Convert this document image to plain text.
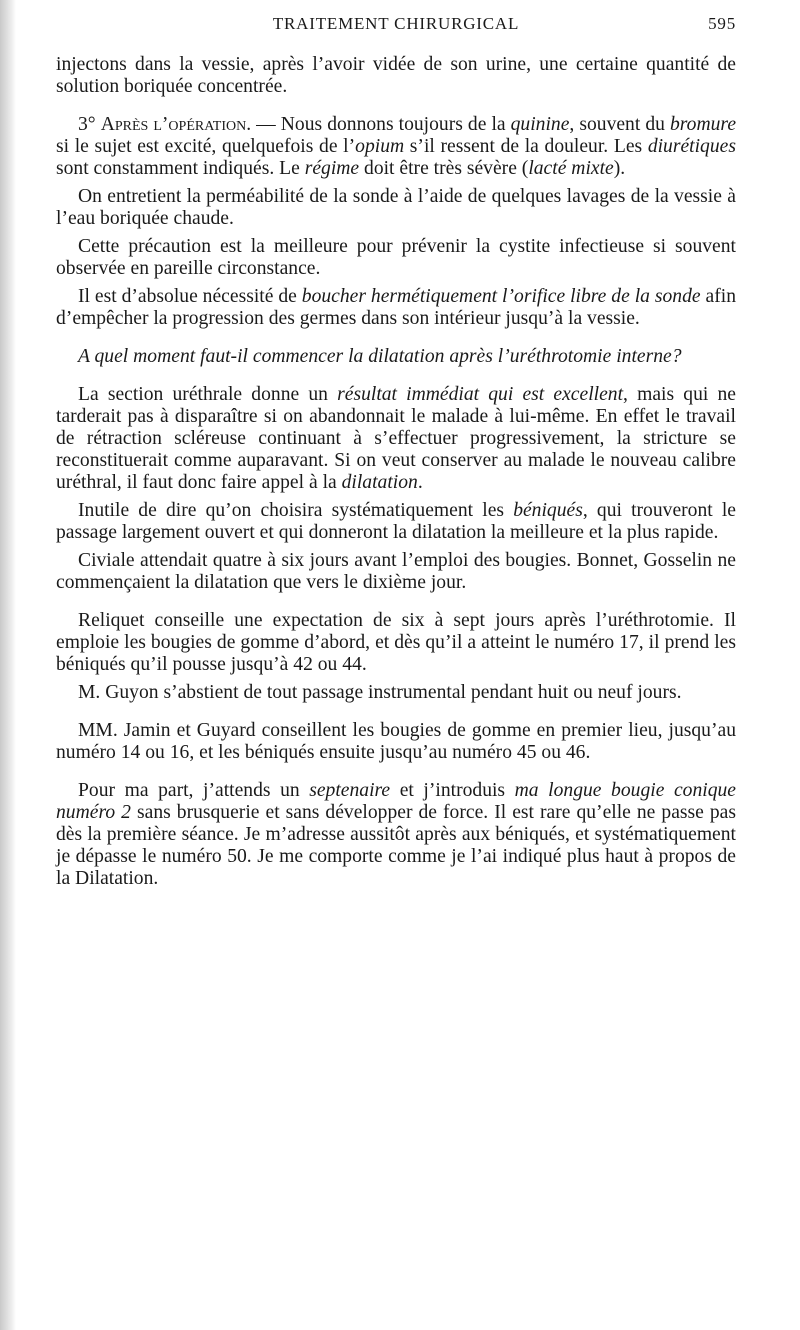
TRAITEMENT CHIRURGICAL	595

injectons dans la vessie, après l’avoir vidée de son urine, une certaine quantité de solution boriquée concentrée.

3° Après l’opération. — Nous donnons toujours de la quinine, souvent du bromure si le sujet est excité, quelquefois de l’opium s’il ressent de la douleur. Les diurétiques sont constamment indiqués. Le régime doit être très sévère (lacté mixte).

On entretient la perméabilité de la sonde à l’aide de quelques lavages de la vessie à l’eau boriquée chaude.

Cette précaution est la meilleure pour prévenir la cystite infectieuse si souvent observée en pareille circonstance.

Il est d’absolue nécessité de boucher hermétiquement l’orifice libre de la sonde afin d’empêcher la progression des germes dans son intérieur jusqu’à la vessie.

A quel moment faut-il commencer la dilatation après l’uréthrotomie interne?

La section uréthrale donne un résultat immédiat qui est excellent, mais qui ne tarderait pas à disparaître si on abandonnait le malade à lui-même. En effet le travail de rétraction scléreuse continuant à s’effectuer progressivement, la stricture se reconstituerait comme auparavant. Si on veut conserver au malade le nouveau calibre uréthral, il faut donc faire appel à la dilatation.

Inutile de dire qu’on choisira systématiquement les béniqués, qui trouveront le passage largement ouvert et qui donneront la dilatation la meilleure et la plus rapide.

Civiale attendait quatre à six jours avant l’emploi des bougies. Bonnet, Gosselin ne commençaient la dilatation que vers le dixième jour.

Reliquet conseille une expectation de six à sept jours après l’uréthrotomie. Il emploie les bougies de gomme d’abord, et dès qu’il a atteint le numéro 17, il prend les béniqués qu’il pousse jusqu’à 42 ou 44.

M. Guyon s’abstient de tout passage instrumental pendant huit ou neuf jours.

MM. Jamin et Guyard conseillent les bougies de gomme en premier lieu, jusqu’au numéro 14 ou 16, et les béniqués ensuite jusqu’au numéro 45 ou 46.

Pour ma part, j’attends un septenaire et j’introduis ma longue bougie conique numéro 2 sans brusquerie et sans développer de force. Il est rare qu’elle ne passe pas dès la première séance. Je m’adresse aussitôt après aux béniqués, et systématiquement je dépasse le numéro 50. Je me comporte comme je l’ai indiqué plus haut à propos de la Dilatation.
